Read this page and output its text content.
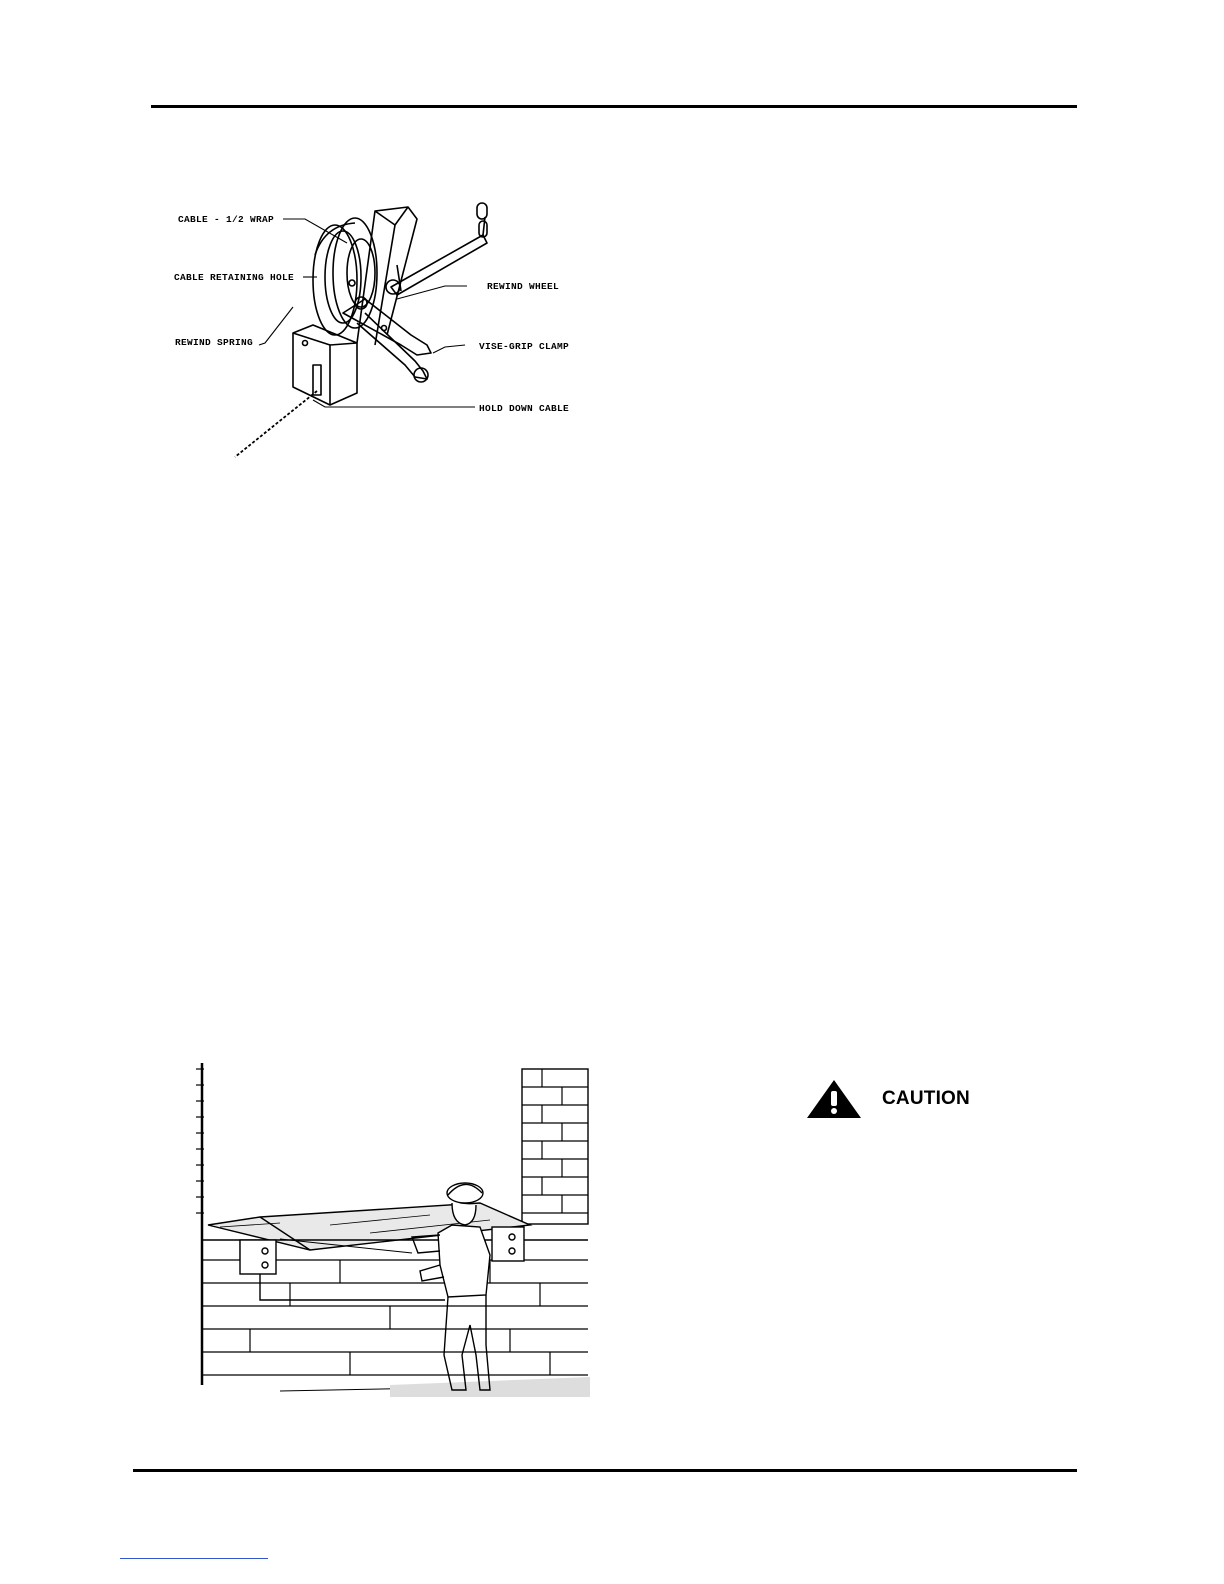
CABLE - 1/2 WRAP
CABLE RETAINING HOLE
REWIND SPRING
REWIND WHEEL
VISE-GRIP CLAMP
HOLD DOWN CABLE
CAUTION
